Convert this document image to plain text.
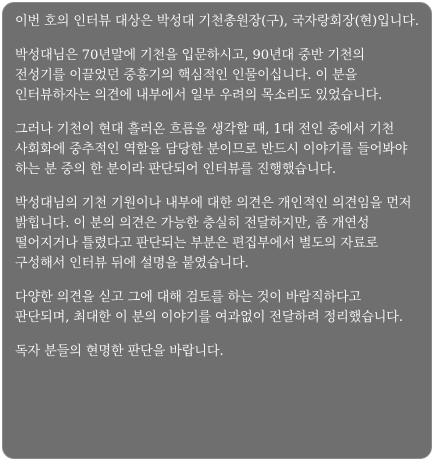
이번 호의 인터뷰 대상은 박성대 기천총원장(구), 국자랑회장(현)입니다.

박성대님은 70년말에 기천을 입문하시고, 90년대 중반 기천의 전성기를 이끌었던 중흥기의 핵심적인 인물이십니다. 이 분을 인터뷰하자는 의견에 내부에서 일부 우려의 목소리도 있었습니다.

그러나 기천이 현대 흘러온 흐름을 생각할 때, 1대 전인 중에서 기천 사회화에 중추적인 역할을 담당한 분이므로 반드시 이야기를 들어봐야 하는 분 중의 한 분이라 판단되어 인터뷰를 진행했습니다.

박성대님의 기천 기원이나 내부에 대한 의견은 개인적인 의견임을 먼저 밝힙니다. 이 분의 의견은 가능한 충실히 전달하지만, 좀 개연성 떨어지거나 틀렸다고 판단되는 부분은 편집부에서 별도의 자료로 구성해서 인터뷰 뒤에 설명을 붙였습니다.

다양한 의견을 싣고 그에 대해 검토를 하는 것이 바람직하다고 판단되며, 최대한 이 분의 이야기를 여과없이 전달하려 정리했습니다.

독자 분들의 현명한 판단을 바랍니다.
